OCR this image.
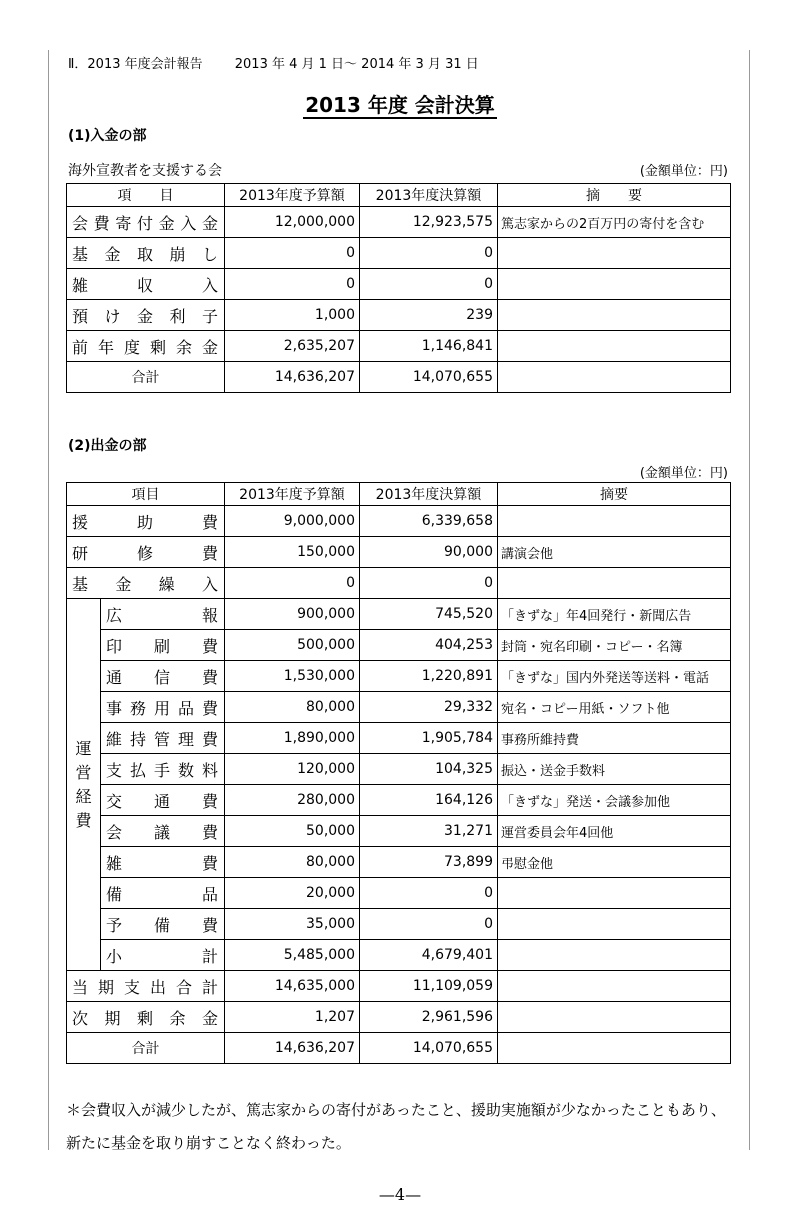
Ⅱ．2013 年度会計報告 2013 年 4 月 1 日～ 2014 年 3 月 31 日
2013 年度 会計決算
(1)入金の部
海外宣教者を支援する会	(金額単位：円)
項　　目	2013年度予算額	2013年度決算額	摘　　要
会費寄付金入金	12,000,000	12,923,575	篤志家からの2百万円の寄付を含む
基金取崩し	0	0	
雑収入	0	0	
預け金利子	1,000	239	
前年度剰余金	2,635,207	1,146,841	
合計	14,636,207	14,070,655	
(2)出金の部
(金額単位：円)
項目		2013年度予算額	2013年度決算額	摘要
援助費		9,000,000	6,339,658	
研修費		150,000	90,000	講演会他
基金繰入		0	0	
運営経費	広報	900,000	745,520	「きずな」年4回発行・新聞広告
	印刷費	500,000	404,253	封筒・宛名印刷・コピー・名簿
	通信費	1,530,000	1,220,891	「きずな」国内外発送等送料・電話
	事務用品費	80,000	29,332	宛名・コピー用紙・ソフト他
	維持管理費	1,890,000	1,905,784	事務所維持費
	支払手数料	120,000	104,325	振込・送金手数料
	交通費	280,000	164,126	「きずな」発送・会議参加他
	会議費	50,000	31,271	運営委員会年4回他
	雑費	80,000	73,899	弔慰金他
	備品	20,000	0	
	予備費	35,000	0	
	小計	5,485,000	4,679,401	
当期支出合計		14,635,000	11,109,059	
次期剰余金		1,207	2,961,596	
合計		14,636,207	14,070,655	
＊会費収入が減少したが、篤志家からの寄付があったこと、援助実施額が少なかったこともあり、新たに基金を取り崩すことなく終わった。
—4—
